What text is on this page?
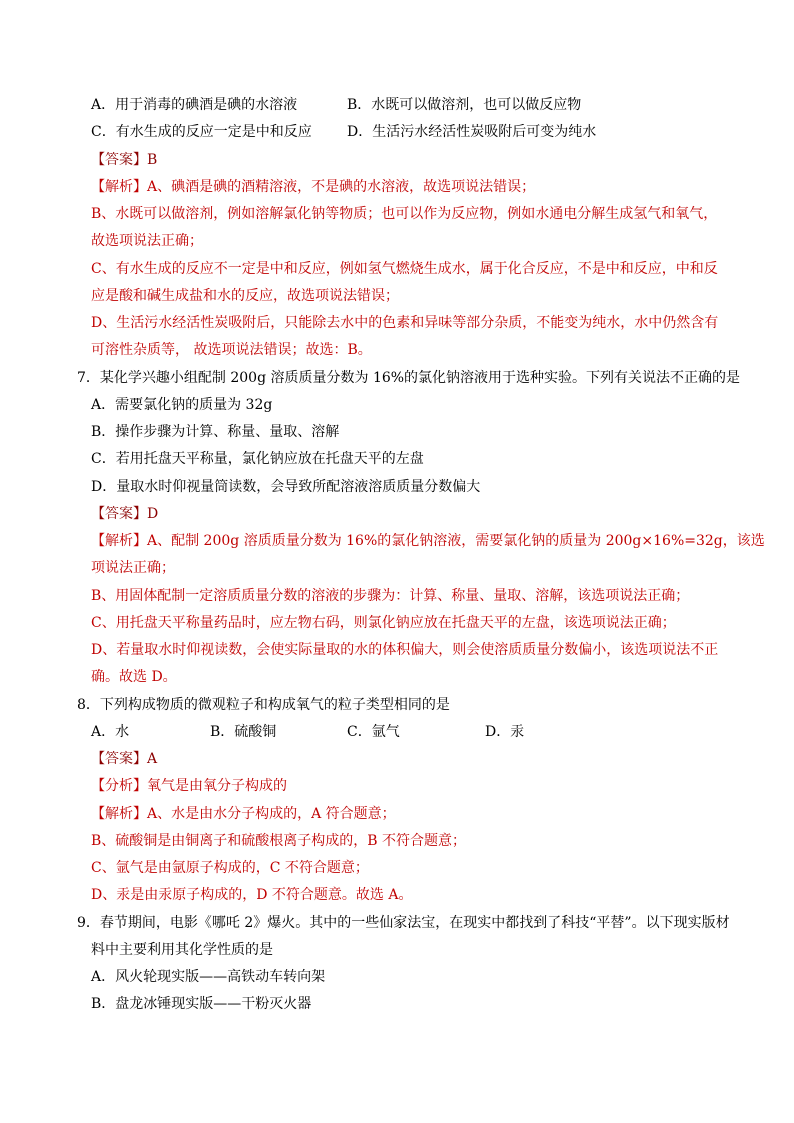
A．用于消毒的碘酒是碘的水溶液	B．水既可以做溶剂，也可以做反应物
C．有水生成的反应一定是中和反应	D．生活污水经活性炭吸附后可变为纯水

【答案】B

【解析】A、碘酒是碘的酒精溶液，不是碘的水溶液，故选项说法错误；

B、水既可以做溶剂，例如溶解氯化钠等物质；也可以作为反应物，例如水通电分解生成氢气和氧气，

故选项说法正确；

C、有水生成的反应不一定是中和反应，例如氢气燃烧生成水，属于化合反应，不是中和反应，中和反

应是酸和碱生成盐和水的反应，故选项说法错误；

D、生活污水经活性炭吸附后，只能除去水中的色素和异味等部分杂质，不能变为纯水，水中仍然含有

可溶性杂质等， 故选项说法错误；故选：B。

7．某化学兴趣小组配制 200g 溶质质量分数为 16%的氯化钠溶液用于选种实验。下列有关说法不正确的是

A．需要氯化钠的质量为 32g

B．操作步骤为计算、称量、量取、溶解

C．若用托盘天平称量，氯化钠应放在托盘天平的左盘

D．量取水时仰视量筒读数，会导致所配溶液溶质质量分数偏大

【答案】D

【解析】A、配制 200g 溶质质量分数为 16%的氯化钠溶液，需要氯化钠的质量为 200g×16%=32g，该选

项说法正确；

B、用固体配制一定溶质质量分数的溶液的步骤为：计算、称量、量取、溶解，该选项说法正确；

C、用托盘天平称量药品时，应左物右码，则氯化钠应放在托盘天平的左盘，该选项说法正确；

D、若量取水时仰视读数，会使实际量取的水的体积偏大，则会使溶质质量分数偏小，该选项说法不正

确。故选 D。

8．下列构成物质的微观粒子和构成氧气的粒子类型相同的是

A．水	B．硫酸铜	C．氩气	D．汞

【答案】A

【分析】氧气是由氧分子构成的

【解析】A、水是由水分子构成的，A 符合题意；

B、硫酸铜是由铜离子和硫酸根离子构成的，B 不符合题意；

C、氩气是由氩原子构成的，C 不符合题意；

D、汞是由汞原子构成的，D 不符合题意。故选 A。

9．春节期间，电影《哪吒 2》爆火。其中的一些仙家法宝，在现实中都找到了科技“平替”。以下现实版材

料中主要利用其化学性质的是

A．风火轮现实版——高铁动车转向架

B．盘龙冰锤现实版——干粉灭火器
